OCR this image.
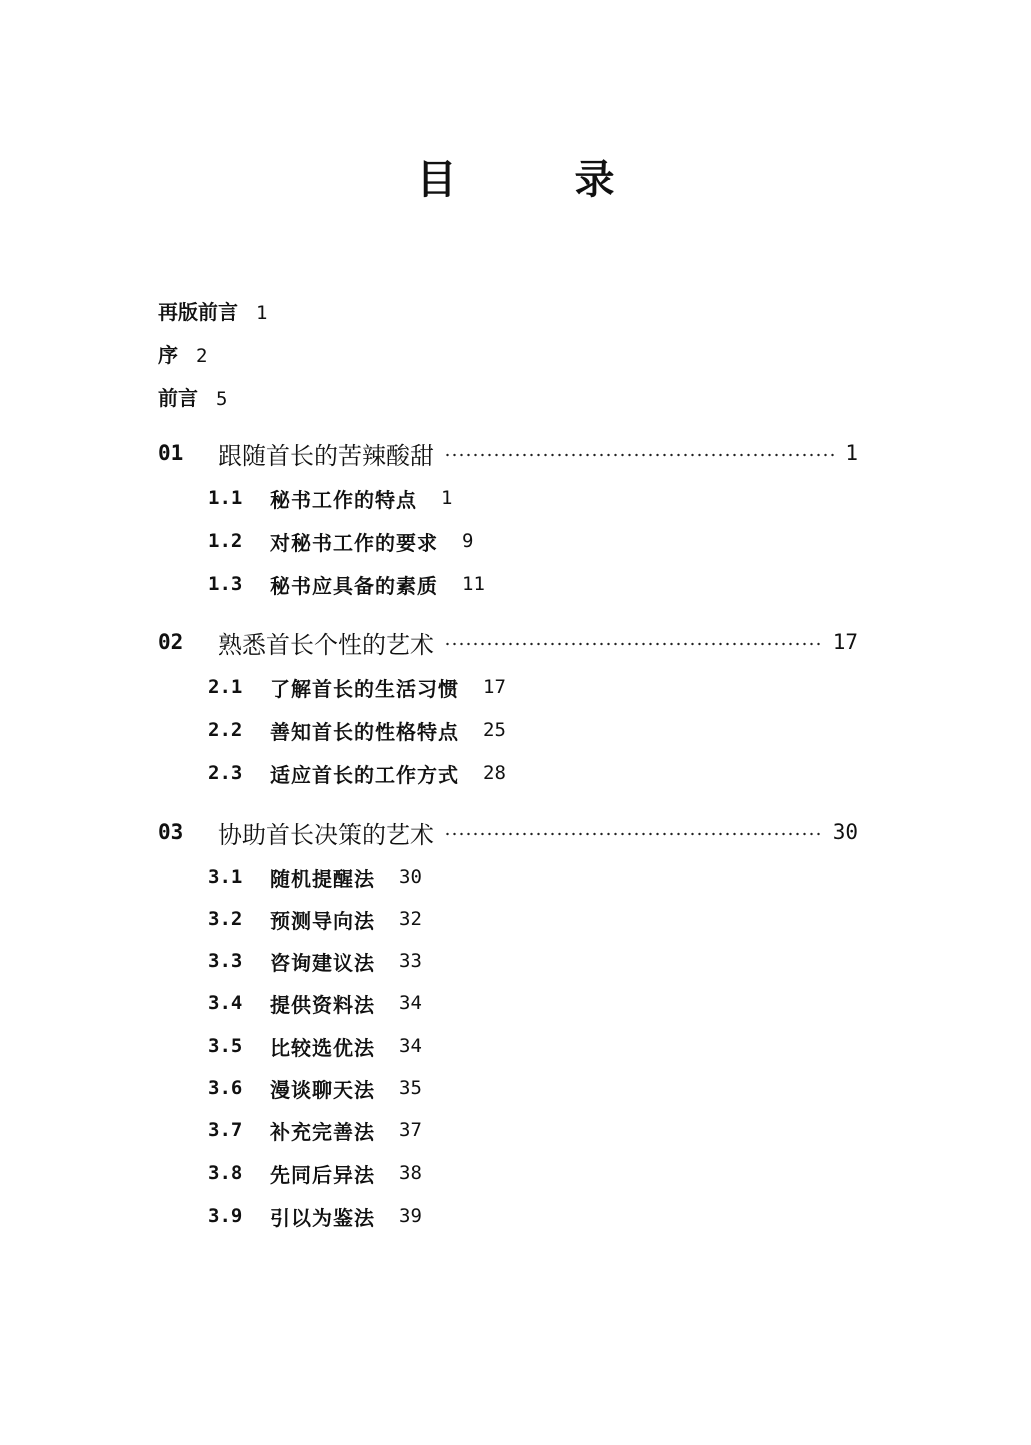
目 录
再版前言 1
序 2
前言 5
01	跟随首长的苦辣酸甜	1
1.1	秘书工作的特点 1
1.2	对秘书工作的要求 9
1.3	秘书应具备的素质 11
02	熟悉首长个性的艺术	17
2.1	了解首长的生活习惯 17
2.2	善知首长的性格特点 25
2.3	适应首长的工作方式 28
03	协助首长决策的艺术	30
3.1	随机提醒法 30
3.2	预测导向法 32
3.3	咨询建议法 33
3.4	提供资料法 34
3.5	比较选优法 34
3.6	漫谈聊天法 35
3.7	补充完善法 37
3.8	先同后异法 38
3.9	引以为鉴法 39
